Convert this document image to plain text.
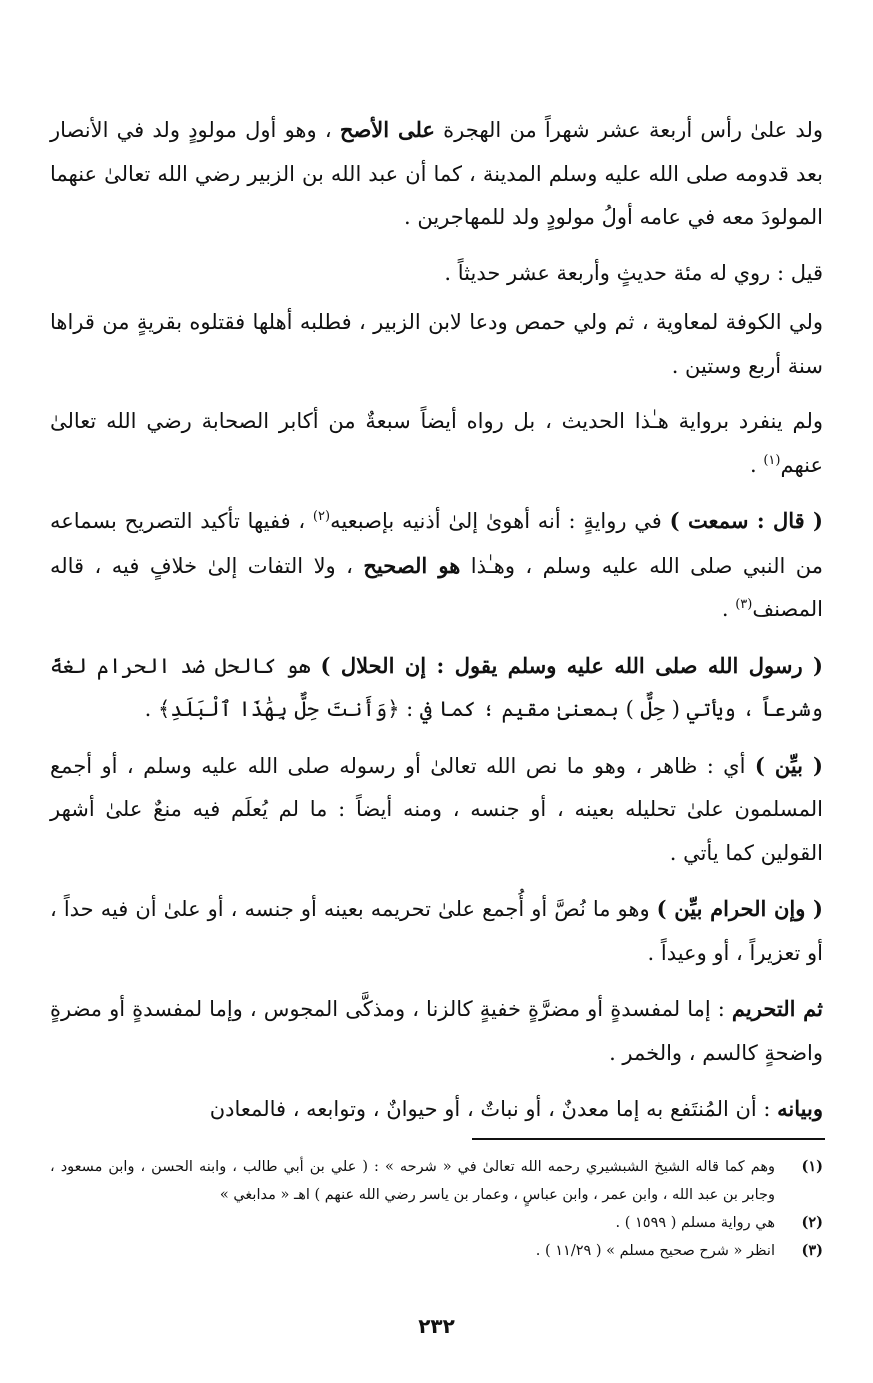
ولد علىٰ رأس أربعة عشر شهراً من الهجرة على الأصح ، وهو أول مولودٍ ولد في الأنصار بعد قدومه صلى الله عليه وسلم المدينة ، كما أن عبد الله بن الزبير رضي الله تعالىٰ عنهما المولودَ معه في عامه أولُ مولودٍ ولد للمهاجرين .

قيل : روي له مئة حديثٍ وأربعة عشر حديثاً .

ولي الكوفة لمعاوية ، ثم ولي حمص ودعا لابن الزبير ، فطلبه أهلها فقتلوه بقريةٍ من قراها سنة أربع وستين .

ولم ينفرد برواية هـٰذا الحديث ، بل رواه أيضاً سبعةٌ من أكابر الصحابة رضي الله تعالىٰ عنهم$^{(١)}$ .

( قال : سمعت ) في روايةٍ : أنه أهوىٰ إلىٰ أذنيه بإصبعيه$^{(٢)}$ ، ففيها تأكيد التصريح بسماعه من النبي صلى الله عليه وسلم ، وهـٰذا هو الصحيح ، ولا التفات إلىٰ خلافٍ فيه ، قاله المصنف$^{(٣)}$ .

( رسول الله صلى الله عليه وسلم يقول : إن الحلال ) هو كالحل ضد الحرام لغةً وشرعاً ، ويأتي ( حِلٌّ ) بمعنىٰ مقيم ؛ كما في : ﴿وَأَنتَ حِلٌّ بِهَٰذَا ٱلْبَلَدِ﴾ .

( بيِّن ) أي : ظاهر ، وهو ما نص الله تعالىٰ أو رسوله صلى الله عليه وسلم ، أو أجمع المسلمون علىٰ تحليله بعينه ، أو جنسه ، ومنه أيضاً : ما لم يُعلَم فيه منعٌ علىٰ أشهر القولين كما يأتي .

( وإن الحرام بيِّن ) وهو ما نُصَّ أو أُجمع علىٰ تحريمه بعينه أو جنسه ، أو علىٰ أن فيه حداً ، أو تعزيراً ، أو وعيداً .

ثم التحريم : إما لمفسدةٍ أو مضرَّةٍ خفيةٍ كالزنا ، ومذكَّى المجوس ، وإما لمفسدةٍ أو مضرةٍ واضحةٍ كالسم ، والخمر .

وبيانه : أن المُنتَفع به إما معدنٌ ، أو نباتٌ ، أو حيوانٌ ، وتوابعه ، فالمعادن

(١)
وهم كما قاله الشيخ الشبشيري رحمه الله تعالىٰ في « شرحه » : ( علي بن أبي طالب ، وابنه الحسن ، وابن مسعود ، وجابر بن عبد الله ، وابن عمر ، وابن عباسٍ ، وعمار بن ياسر رضي الله عنهم ) اهـ « مدابغي »
(٢)
هي رواية مسلم ( ١٥٩٩ ) .
(٣)
انظر « شرح صحيح مسلم » ( ١١/٢٩ ) .
٢٣٢
